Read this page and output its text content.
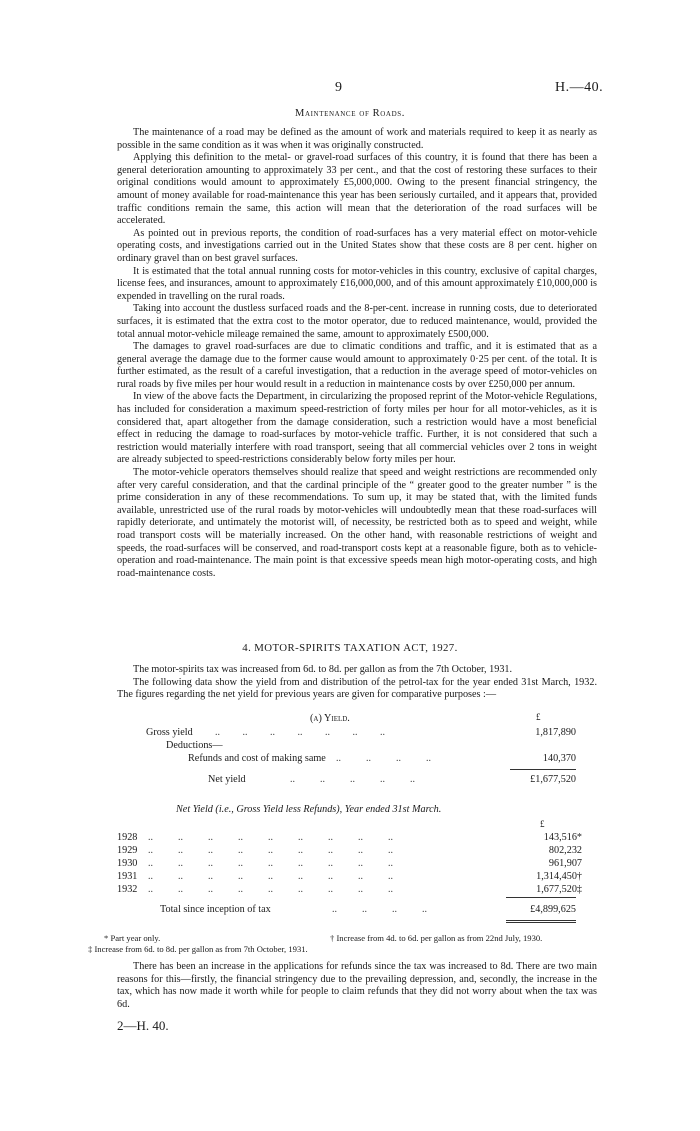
9	H.—40.
Maintenance of Roads.

The maintenance of a road may be defined as the amount of work and materials required to keep it as nearly as possible in the same condition as it was when it was originally constructed.

Applying this definition to the metal- or gravel-road surfaces of this country, it is found that there has been a general deterioration amounting to approximately 33 per cent., and that the cost of restoring these surfaces to their original conditions would amount to approximately £5,000,000. Owing to the present financial stringency, the amount of money available for road-maintenance this year has been seriously curtailed, and it appears that, provided traffic conditions remain the same, this action will mean that the deterioration of the road surfaces will be accelerated.

As pointed out in previous reports, the condition of road-surfaces has a very material effect on motor-vehicle operating costs, and investigations carried out in the United States show that these costs are 8 per cent. higher on ordinary gravel than on best gravel surfaces.

It is estimated that the total annual running costs for motor-vehicles in this country, exclusive of capital charges, license fees, and insurances, amount to approximately £16,000,000, and of this amount approximately £10,000,000 is expended in travelling on the rural roads.

Taking into account the dustless surfaced roads and the 8-per-cent. increase in running costs, due to deteriorated surfaces, it is estimated that the extra cost to the motor operator, due to reduced maintenance, would, provided the total annual motor-vehicle mileage remained the same, amount to approximately £500,000.

The damages to gravel road-surfaces are due to climatic conditions and traffic, and it is estimated that as a general average the damage due to the former cause would amount to approximately 0·25 per cent. of the total. It is further estimated, as the result of a careful investigation, that a reduction in the average speed of motor-vehicles on rural roads by five miles per hour would result in a reduction in maintenance costs by over £250,000 per annum.

In view of the above facts the Department, in circularizing the proposed reprint of the Motor-vehicle Regulations, has included for consideration a maximum speed-restriction of forty miles per hour for all motor-vehicles, as it is considered that, apart altogether from the damage consideration, such a restriction would have a most beneficial effect in reducing the damage to road-surfaces by motor-vehicle traffic. Further, it is not considered that such a restriction would materially interfere with road transport, seeing that all commercial vehicles over 2 tons in weight are already subjected to speed-restrictions considerably below forty miles per hour.

The motor-vehicle operators themselves should realize that speed and weight restrictions are recommended only after very careful consideration, and that the cardinal principle of the “ greater good to the greater number ” is the prime consideration in any of these recommendations. To sum up, it may be stated that, with the limited funds available, unrestricted use of the rural roads by motor-vehicles will undoubtedly mean that these road-surfaces will rapidly deteriorate, and untimately the motorist will, of necessity, be restricted both as to speed and weight, while road transport costs will be materially increased. On the other hand, with reasonable restrictions of weight and speeds, the road-surfaces will be conserved, and road-transport costs kept at a reasonable figure, both as to vehicle-operation and road-maintenance. The main point is that excessive speeds mean high motor-operating costs, and high road-maintenance costs.

4. MOTOR-SPIRITS TAXATION ACT, 1927.

The motor-spirits tax was increased from 6d. to 8d. per gallon as from the 7th October, 1931.

The following data show the yield from and distribution of the petrol-tax for the year ended 31st March, 1932. The figures regarding the net yield for previous years are given for comparative purposes :—

(a) Yield.	£
Gross yield ..         ..         ..         ..         ..         ..         ..	1,817,890
Deductions—
Refunds and cost of making same ..          ..          ..          ..	140,370
Net yield	..          ..          ..          ..          ..	£1,677,520
Net Yield (i.e., Gross Yield less Refunds), Year ended 31st March.
£
1928 ..          ..          ..          ..          ..          ..          ..          ..          ..	143,516*
1929 ..          ..          ..          ..          ..          ..          ..          ..          ..	802,232
1930 ..          ..          ..          ..          ..          ..          ..          ..          ..	961,907
1931 ..          ..          ..          ..          ..          ..          ..          ..          ..	1,314,450†
1932 ..          ..          ..          ..          ..          ..          ..          ..          ..	1,677,520‡
Total since inception of tax	..          ..          ..          ..	£4,899,625
* Part year only.	† Increase from 4d. to 6d. per gallon as from 22nd July, 1930. ‡ Increase from 6d. to 8d. per gallon as from 7th October, 1931.

There has been an increase in the applications for refunds since the tax was increased to 8d. There are two main reasons for this—firstly, the financial stringency due to the prevailing depression, and, secondly, the increase in the tax, which has now made it worth while for people to claim refunds that they did not worry about when the tax was 6d.

2—H. 40.
